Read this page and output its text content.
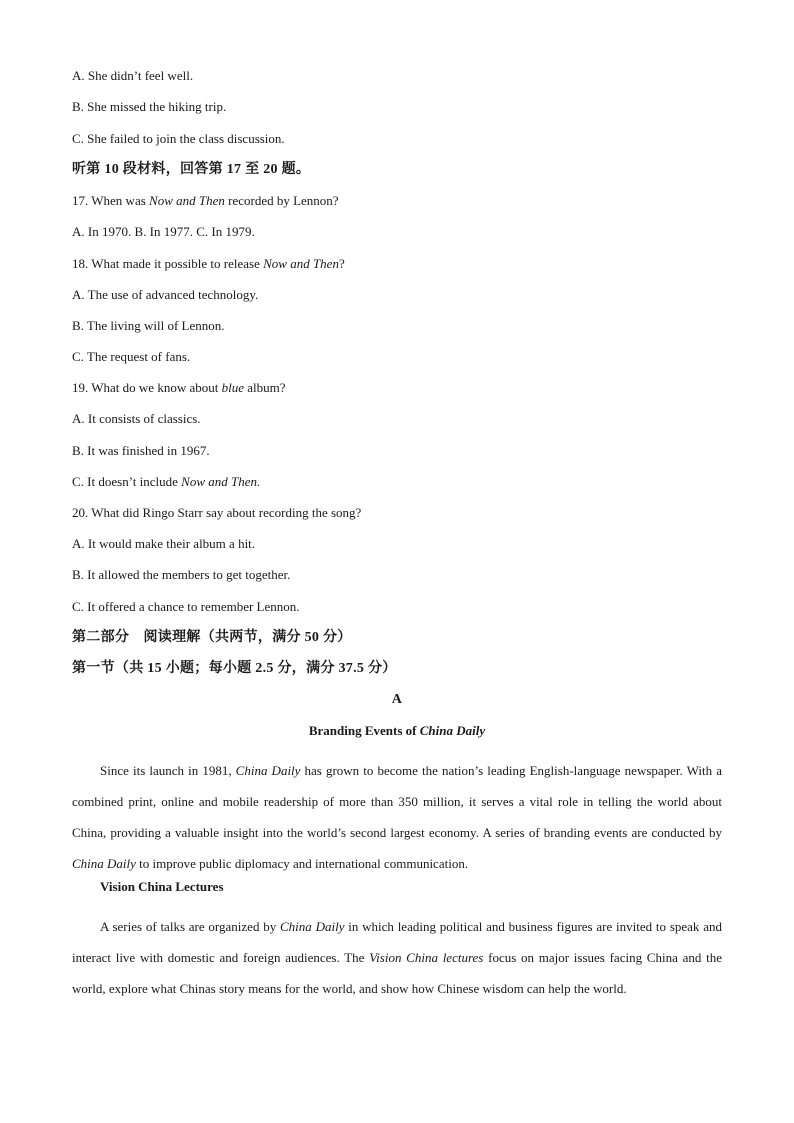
A. She didn’t feel well.
B. She missed the hiking trip.
C. She failed to join the class discussion.
听第 10 段材料，回答第 17 至 20 题。
17. When was Now and Then recorded by Lennon?
A. In 1970. B. In 1977. C. In 1979.
18. What made it possible to release Now and Then?
A. The use of advanced technology.
B. The living will of Lennon.
C. The request of fans.
19. What do we know about blue album?
A. It consists of classics.
B. It was finished in 1967.
C. It doesn’t include Now and Then.
20. What did Ringo Starr say about recording the song?
A. It would make their album a hit.
B. It allowed the members to get together.
C. It offered a chance to remember Lennon.
第二部分　阅读理解（共两节，满分 50 分）
第一节（共 15 小题；每小题 2.5 分，满分 37.5 分）
A
Branding Events of China Daily
Since its launch in 1981, China Daily has grown to become the nation’s leading English-language newspaper. With a combined print, online and mobile readership of more than 350 million, it serves a vital role in telling the world about China, providing a valuable insight into the world’s second largest economy. A series of branding events are conducted by China Daily to improve public diplomacy and international communication.
Vision China Lectures
A series of talks are organized by China Daily in which leading political and business figures are invited to speak and interact live with domestic and foreign audiences. The Vision China lectures focus on major issues facing China and the world, explore what Chinas story means for the world, and show how Chinese wisdom can help the world.
